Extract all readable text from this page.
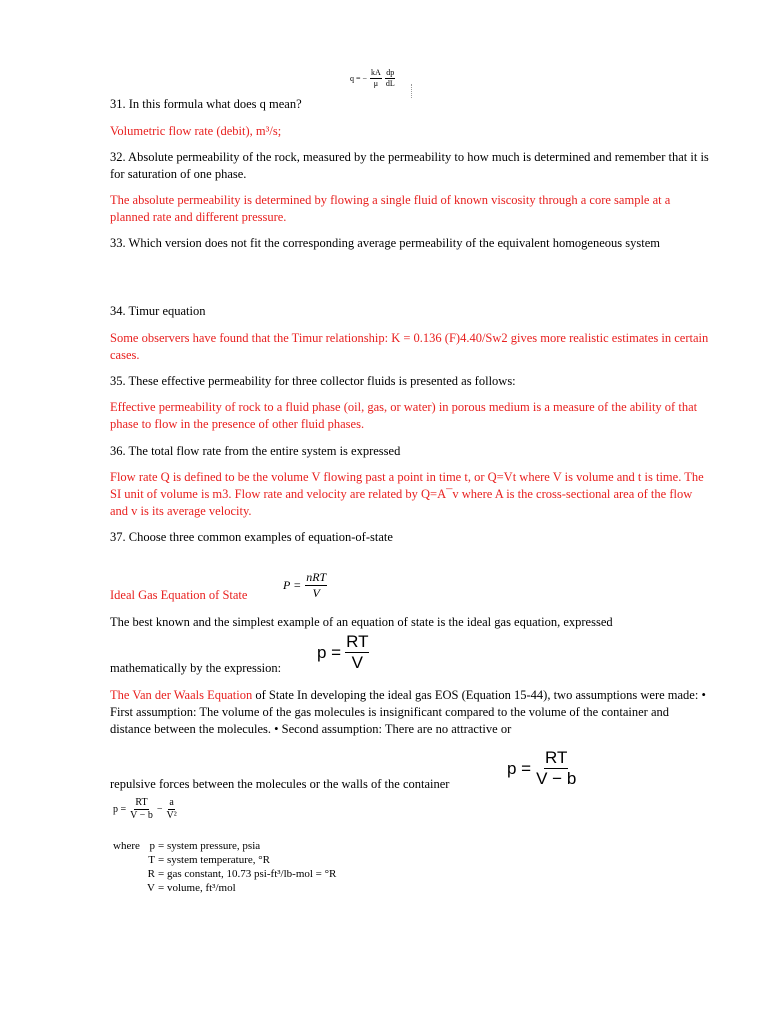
q = − $\frac{kA}{\mu} \frac{dp}{dL}$

31. In this formula what does q mean?

Volumetric flow rate (debit), m³/s;

32. Absolute permeability of the rock, measured by the permeability to how much is determined and remember that it is for saturation of one phase.

The absolute permeability is determined by flowing a single fluid of known viscosity through a core sample at a planned rate and different pressure.

33. Which version does not fit the corresponding average permeability of the equivalent homogeneous system

34. Timur equation

Some observers have found that the Timur relationship: K = 0.136 (F)4.40/Sw2 gives more realistic estimates in certain cases.

35. These effective permeability for three collector fluids is presented as follows:

Effective permeability of rock to a fluid phase (oil, gas, or water) in porous medium is a measure of the ability of that phase to flow in the presence of other fluid phases.

36. The total flow rate from the entire system is expressed

Flow rate Q is defined to be the volume V flowing past a point in time t, or Q=Vt where V is volume and t is time. The SI unit of volume is m3. Flow rate and velocity are related by Q=A¯v where A is the cross-sectional area of the flow and v is its average velocity.

37. Choose three common examples of equation-of-state

Ideal Gas Equation of State

$P = \frac{\text{nRT}}{V}$

The best known and the simplest example of an equation of state is the ideal gas equation, expressed

mathematically by the expression:

$p = \frac{RT}{V}$

The Van der Waals Equation of State In developing the ideal gas EOS (Equation 15-44), two assumptions were made: • First assumption: The volume of the gas molecules is insignificant compared to the volume of the container and distance between the molecules. • Second assumption: There are no attractive or

repulsive forces between the molecules or the walls of the container

$p = \frac{RT}{V - b}$
$p = \frac{RT}{V - b} - \frac{a}{\text{V²}}$
where p = system pressure, psia
T = system temperature, °R
R = gas constant, 10.73 psi-ft³/lb-mol = °R
V = volume, ft³/mol
